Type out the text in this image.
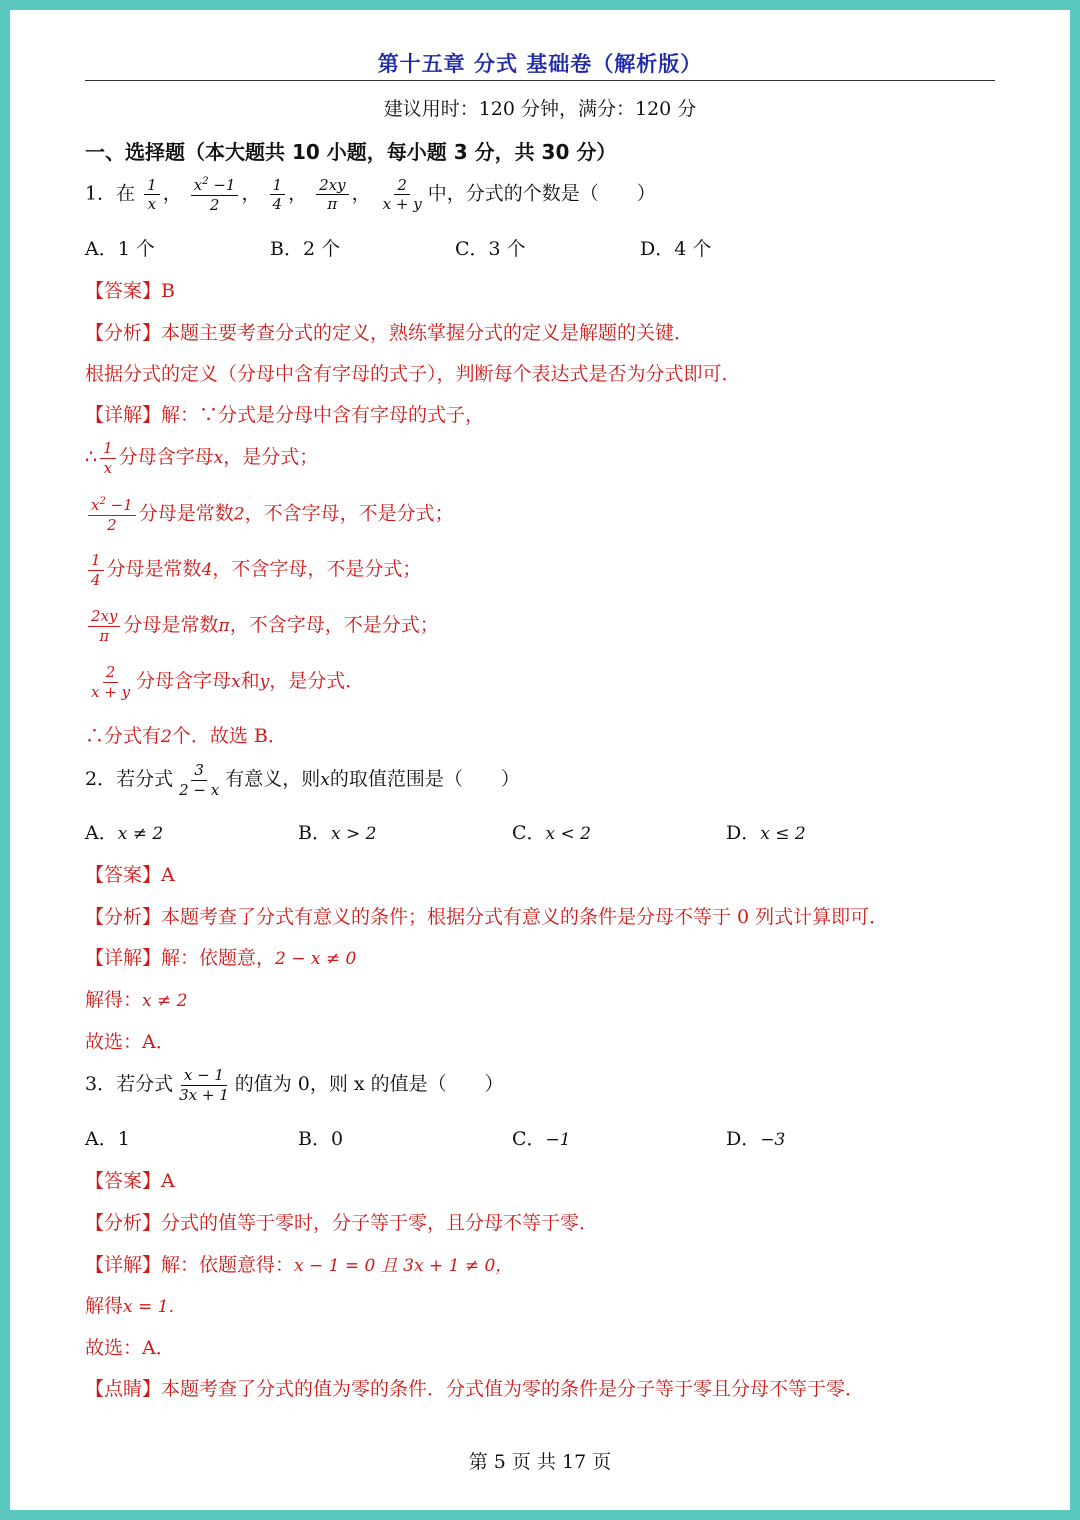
第十五章 分式 基础卷（解析版）
建议用时：120 分钟，满分：120 分
一、选择题（本大题共 10 小题，每小题 3 分，共 30 分）
1．在 $\frac{1}{x}$ ， $\frac{x^2 -1}{2}$ ， $\frac{1}{4}$ ， $\frac{2xy}{\pi}$ ， $\frac{2}{x + y}$ 中，分式的个数是（　　）
A．1 个	B．2 个	C．3 个	D．4 个
【答案】B
【分析】本题主要考查分式的定义，熟练掌握分式的定义是解题的关键．
根据分式的定义（分母中含有字母的式子），判断每个表达式是否为分式即可．
【详解】解：∵分式是分母中含有字母的式子，
∴ $\frac{1}{x}$ 分母含字母x，是分式；
$\frac{x^2 -1}{2}$ 分母是常数2，不含字母，不是分式；
$\frac{1}{4}$ 分母是常数4，不含字母，不是分式；
$\frac{2xy}{\pi}$ 分母是常数π，不含字母，不是分式；
$\frac{2}{x + y}$ 分母含字母x和y，是分式．
∴分式有2个．故选 B．
2．若分式 $\frac{3}{2 - x}$ 有意义，则x的取值范围是（　　）
A．x ≠ 2	B．x > 2	C．x < 2	D．x ≤ 2
【答案】A
【分析】本题考查了分式有意义的条件；根据分式有意义的条件是分母不等于 0 列式计算即可．
【详解】解：依题意，2 − x ≠ 0
解得：x ≠ 2
故选：A．
3．若分式 $\frac{x - 1}{3x + 1}$ 的值为 0，则 x 的值是（　　）
A．1	B．0	C．−1	D．−3
【答案】A
【分析】分式的值等于零时，分子等于零，且分母不等于零．
【详解】解：依题意得：x − 1 = 0 且 3x + 1 ≠ 0，
解得x = 1．
故选：A．
【点睛】本题考查了分式的值为零的条件．分式值为零的条件是分子等于零且分母不等于零．
第 5 页 共 17 页
